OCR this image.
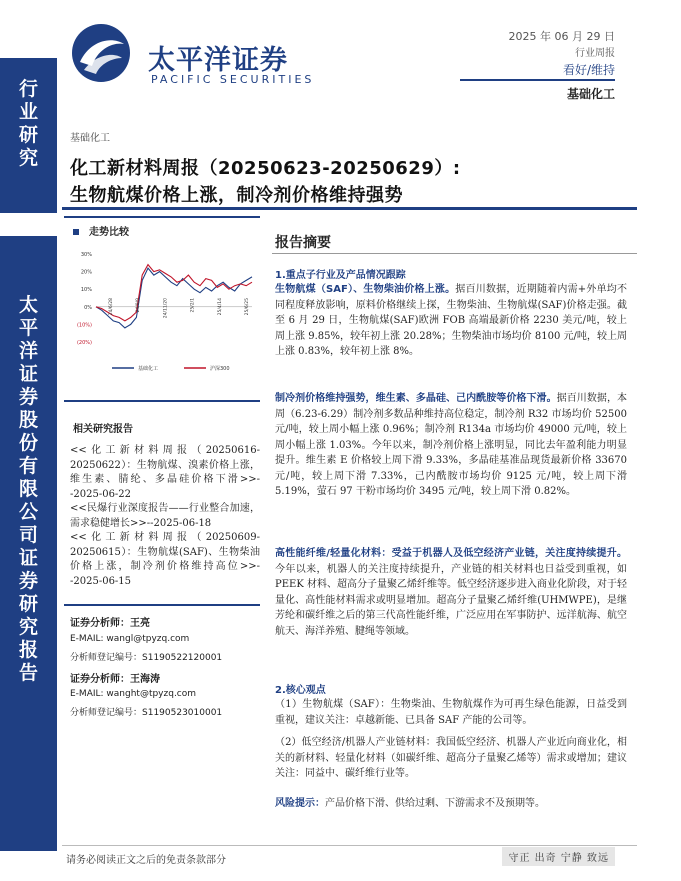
行
业
研
究
太
平
洋
证
券
股
份
有
限
公
司
证
券
研
究
报
告
太平洋证券
PACIFIC SECURITIES
2025 年 06 月 29 日
行业周报
看好/维持
基础化工
基础化工
化工新材料周报（20250623-20250629）:
生物航煤价格上涨，制冷剂价格维持强势
走势比较
30%
20%
10%
0%
(10%)
(20%)
24/6/28	24/9/9	24/11/20	25/2/1	25/4/14	25/6/25
基础化工	沪深300
相关研究报告

<<化工新材料周报（20250616-20250622）：生物航煤、溴素价格上涨，维生素、腈纶、多晶硅价格下滑>>--2025-06-22

<<民爆行业深度报告——行业整合加速，需求稳健增长>>--2025-06-18

<<化工新材料周报（20250609-20250615）：生物航煤(SAF)、生物柴油价格上涨，制冷剂价格维持高位>>--2025-06-15

证券分析师：王亮
E-MAIL: wangl@tpyzq.com
分析师登记编号：S1190522120001
证券分析师：王海涛
E-MAIL: wanght@tpyzq.com
分析师登记编号：S1190523010001
报告摘要
1.重点子行业及产品情况跟踪
生物航煤（SAF）、生物柴油价格上涨。据百川数据，近期随着内需+外单均不同程度释放影响，原料价格继续上探，生物柴油、生物航煤(SAF)价格走强。截至 6 月 29 日，生物航煤(SAF)欧洲 FOB 高端最新价格 2230 美元/吨，较上周上涨 9.85%，较年初上涨 20.28%；生物柴油市场均价 8100 元/吨，较上周上涨 0.83%，较年初上涨 8%。
制冷剂价格维持强势，维生素、多晶硅、己内酰胺等价格下滑。据百川数据，本周（6.23-6.29）制冷剂多数品种维持高位稳定，制冷剂 R32 市场均价 52500 元/吨，较上周小幅上涨 0.96%；制冷剂 R134a 市场均价 49000 元/吨，较上周小幅上涨 1.03%。今年以来，制冷剂价格上涨明显，同比去年盈利能力明显提升。维生素 E 价格较上周下滑 9.33%，多晶硅基准品现货最新价格 33670 元/吨，较上周下滑 7.33%，己内酰胺市场均价 9125 元/吨，较上周下滑 5.19%，萤石 97 干粉市场均价 3495 元/吨，较上周下滑 0.82%。
高性能纤维/轻量化材料：受益于机器人及低空经济产业链，关注度持续提升。今年以来，机器人的关注度持续提升，产业链的相关材料也日益受到重视，如 PEEK 材料、超高分子量聚乙烯纤维等。低空经济逐步进入商业化阶段，对于轻量化、高性能材料需求或明显增加。超高分子量聚乙烯纤维(UHMWPE)，是继芳纶和碳纤维之后的第三代高性能纤维，广泛应用在军事防护、远洋航海、航空航天、海洋养殖、腱绳等领域。
2.核心观点
（1）生物航煤（SAF）：生物柴油、生物航煤作为可再生绿色能源，日益受到重视，建议关注：卓越新能、已具备 SAF 产能的公司等。
（2）低空经济/机器人产业链材料：我国低空经济、机器人产业近向商业化，相关的新材料、轻量化材料（如碳纤维、超高分子量聚乙烯等）需求或增加；建议关注：同益中、碳纤维行业等。
风险提示：产品价格下滑、供给过剩、下游需求不及预期等。
请务必阅读正文之后的免责条款部分	守正 出奇 宁静 致远
